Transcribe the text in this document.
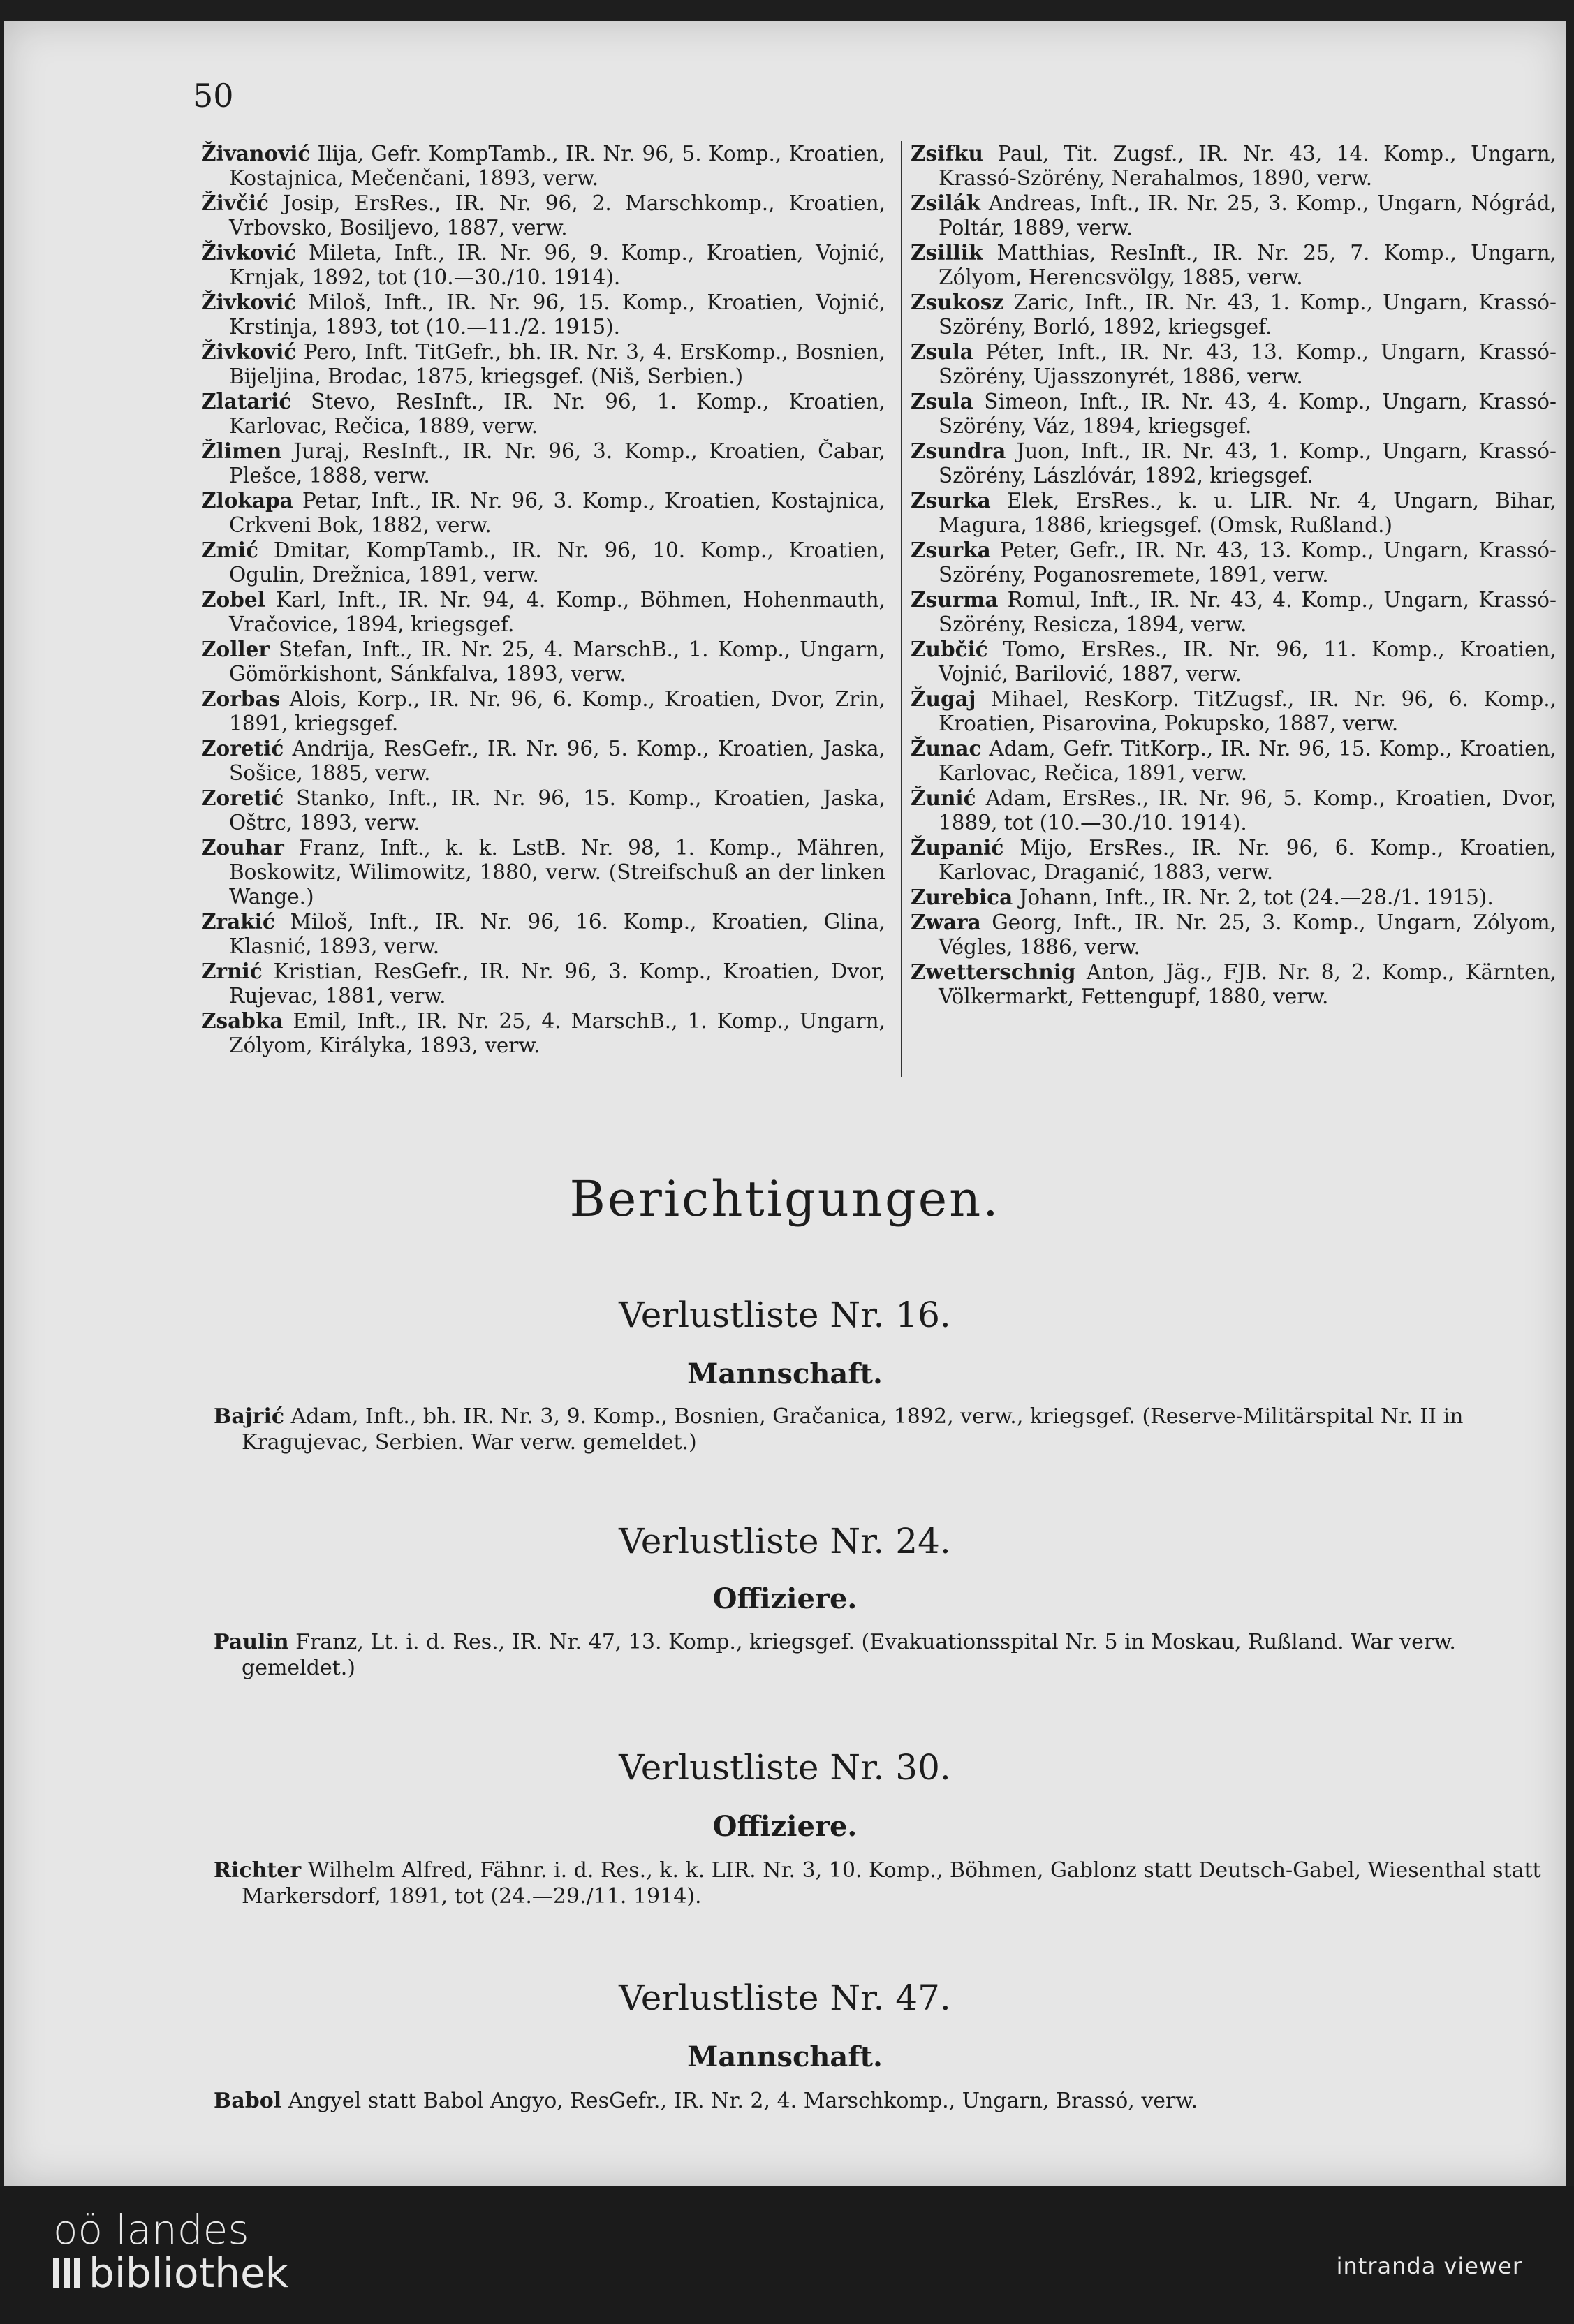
50

Živanović Ilija, Gefr. KompTamb., IR. Nr. 96, 5. Komp., Kroatien, Kostajnica, Mečenčani, 1893, verw.

Živčić Josip, ErsRes., IR. Nr. 96, 2. Marschkomp., Kroatien, Vrbovsko, Bosiljevo, 1887, verw.

Živković Mileta, Inft., IR. Nr. 96, 9. Komp., Kroatien, Vojnić, Krnjak, 1892, tot (10.—30./10. 1914).

Živković Miloš, Inft., IR. Nr. 96, 15. Komp., Kroatien, Vojnić, Krstinja, 1893, tot (10.—11./2. 1915).

Živković Pero, Inft. TitGefr., bh. IR. Nr. 3, 4. ErsKomp., Bosnien, Bijeljina, Brodac, 1875, kriegsgef. (Niš, Serbien.)

Zlatarić Stevo, ResInft., IR. Nr. 96, 1. Komp., Kroatien, Karlovac, Rečica, 1889, verw.

Žlimen Juraj, ResInft., IR. Nr. 96, 3. Komp., Kroatien, Čabar, Plešce, 1888, verw.

Zlokapa Petar, Inft., IR. Nr. 96, 3. Komp., Kroatien, Kostajnica, Crkveni Bok, 1882, verw.

Zmić Dmitar, KompTamb., IR. Nr. 96, 10. Komp., Kroatien, Ogulin, Drežnica, 1891, verw.

Zobel Karl, Inft., IR. Nr. 94, 4. Komp., Böhmen, Hohenmauth, Vračovice, 1894, kriegsgef.

Zoller Stefan, Inft., IR. Nr. 25, 4. MarschB., 1. Komp., Ungarn, Gömörkishont, Sánkfalva, 1893, verw.

Zorbas Alois, Korp., IR. Nr. 96, 6. Komp., Kroatien, Dvor, Zrin, 1891, kriegsgef.

Zoretić Andrija, ResGefr., IR. Nr. 96, 5. Komp., Kroatien, Jaska, Sošice, 1885, verw.

Zoretić Stanko, Inft., IR. Nr. 96, 15. Komp., Kroatien, Jaska, Oštrc, 1893, verw.

Zouhar Franz, Inft., k. k. LstB. Nr. 98, 1. Komp., Mähren, Boskowitz, Wilimowitz, 1880, verw. (Streifschuß an der linken Wange.)

Zrakić Miloš, Inft., IR. Nr. 96, 16. Komp., Kroatien, Glina, Klasnić, 1893, verw.

Zrnić Kristian, ResGefr., IR. Nr. 96, 3. Komp., Kroatien, Dvor, Rujevac, 1881, verw.

Zsabka Emil, Inft., IR. Nr. 25, 4. MarschB., 1. Komp., Ungarn, Zólyom, Királyka, 1893, verw.

Zsifku Paul, Tit. Zugsf., IR. Nr. 43, 14. Komp., Ungarn, Krassó-Szörény, Nerahalmos, 1890, verw.

Zsilák Andreas, Inft., IR. Nr. 25, 3. Komp., Ungarn, Nógrád, Poltár, 1889, verw.

Zsillik Matthias, ResInft., IR. Nr. 25, 7. Komp., Ungarn, Zólyom, Herencsvölgy, 1885, verw.

Zsukosz Zaric, Inft., IR. Nr. 43, 1. Komp., Ungarn, Krassó-Szörény, Borló, 1892, kriegsgef.

Zsula Péter, Inft., IR. Nr. 43, 13. Komp., Ungarn, Krassó-Szörény, Ujasszonyrét, 1886, verw.

Zsula Simeon, Inft., IR. Nr. 43, 4. Komp., Ungarn, Krassó-Szörény, Váz, 1894, kriegsgef.

Zsundra Juon, Inft., IR. Nr. 43, 1. Komp., Ungarn, Krassó-Szörény, Lászlóvár, 1892, kriegsgef.

Zsurka Elek, ErsRes., k. u. LIR. Nr. 4, Ungarn, Bihar, Magura, 1886, kriegsgef. (Omsk, Rußland.)

Zsurka Peter, Gefr., IR. Nr. 43, 13. Komp., Ungarn, Krassó-Szörény, Poganosremete, 1891, verw.

Zsurma Romul, Inft., IR. Nr. 43, 4. Komp., Ungarn, Krassó-Szörény, Resicza, 1894, verw.

Zubčić Tomo, ErsRes., IR. Nr. 96, 11. Komp., Kroatien, Vojnić, Barilović, 1887, verw.

Žugaj Mihael, ResKorp. TitZugsf., IR. Nr. 96, 6. Komp., Kroatien, Pisarovina, Pokupsko, 1887, verw.

Žunac Adam, Gefr. TitKorp., IR. Nr. 96, 15. Komp., Kroatien, Karlovac, Rečica, 1891, verw.

Žunić Adam, ErsRes., IR. Nr. 96, 5. Komp., Kroatien, Dvor, 1889, tot (10.—30./10. 1914).

Županić Mijo, ErsRes., IR. Nr. 96, 6. Komp., Kroatien, Karlovac, Draganić, 1883, verw.

Zurebica Johann, Inft., IR. Nr. 2, tot (24.—28./1. 1915).

Zwara Georg, Inft., IR. Nr. 25, 3. Komp., Ungarn, Zólyom, Végles, 1886, verw.

Zwetterschnig Anton, Jäg., FJB. Nr. 8, 2. Komp., Kärnten, Völkermarkt, Fettengupf, 1880, verw.

Berichtigungen.
Verlustliste Nr. 16.
Mannschaft.

Bajrić Adam, Inft., bh. IR. Nr. 3, 9. Komp., Bosnien, Gračanica, 1892, verw., kriegsgef. (Reserve-Militärspital Nr. II in Kragujevac, Serbien. War verw. gemeldet.)

Verlustliste Nr. 24.
Offiziere.

Paulin Franz, Lt. i. d. Res., IR. Nr. 47, 13. Komp., kriegsgef. (Evakuationsspital Nr. 5 in Moskau, Rußland. War verw. gemeldet.)

Verlustliste Nr. 30.
Offiziere.

Richter Wilhelm Alfred, Fähnr. i. d. Res., k. k. LIR. Nr. 3, 10. Komp., Böhmen, Gablonz statt Deutsch-Gabel, Wiesenthal statt Markersdorf, 1891, tot (24.—29./11. 1914).

Verlustliste Nr. 47.
Mannschaft.

Babol Angyel statt Babol Angyo, ResGefr., IR. Nr. 2, 4. Marschkomp., Ungarn, Brassó, verw.

oö landes
bibliothek	intranda viewer
